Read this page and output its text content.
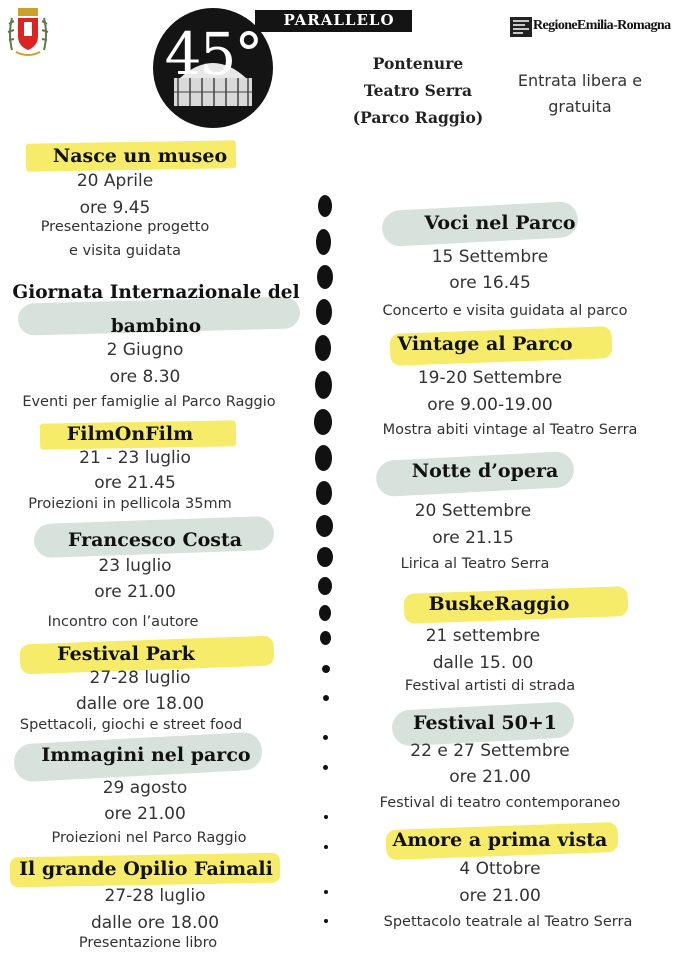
45°	PARALLELO
Pontenure
Teatro Serra
(Parco Raggio)
RegioneEmilia-Romagna
Entrata libera e
gratuita
Nasce un museo
20 Aprile
ore 9.45
Presentazione progetto
e visita guidata
Giornata Internazionale del
bambino
2 Giugno
ore 8.30
Eventi per famiglie al Parco Raggio
FilmOnFilm
21 - 23 luglio
ore 21.45
Proiezioni in pellicola 35mm
Francesco Costa
23 luglio
ore 21.00
Incontro con l’autore
Festival Park
27-28 luglio
dalle ore 18.00
Spettacoli, giochi e street food
Immagini nel parco
29 agosto
ore 21.00
Proiezioni nel Parco Raggio
Il grande Opilio Faimali
27-28 luglio
dalle ore 18.00
Presentazione libro
Voci nel Parco
15 Settembre
ore 16.45
Concerto e visita guidata al parco
Vintage al Parco
19-20 Settembre
ore 9.00-19.00
Mostra abiti vintage al Teatro Serra
Notte d’opera
20 Settembre
ore 21.15
Lirica al Teatro Serra
BuskeRaggio
21 settembre
dalle 15. 00
Festival artisti di strada
Festival 50+1
22 e 27 Settembre
ore 21.00
Festival di teatro contemporaneo
Amore a prima vista
4 Ottobre
ore 21.00
Spettacolo teatrale al Teatro Serra
